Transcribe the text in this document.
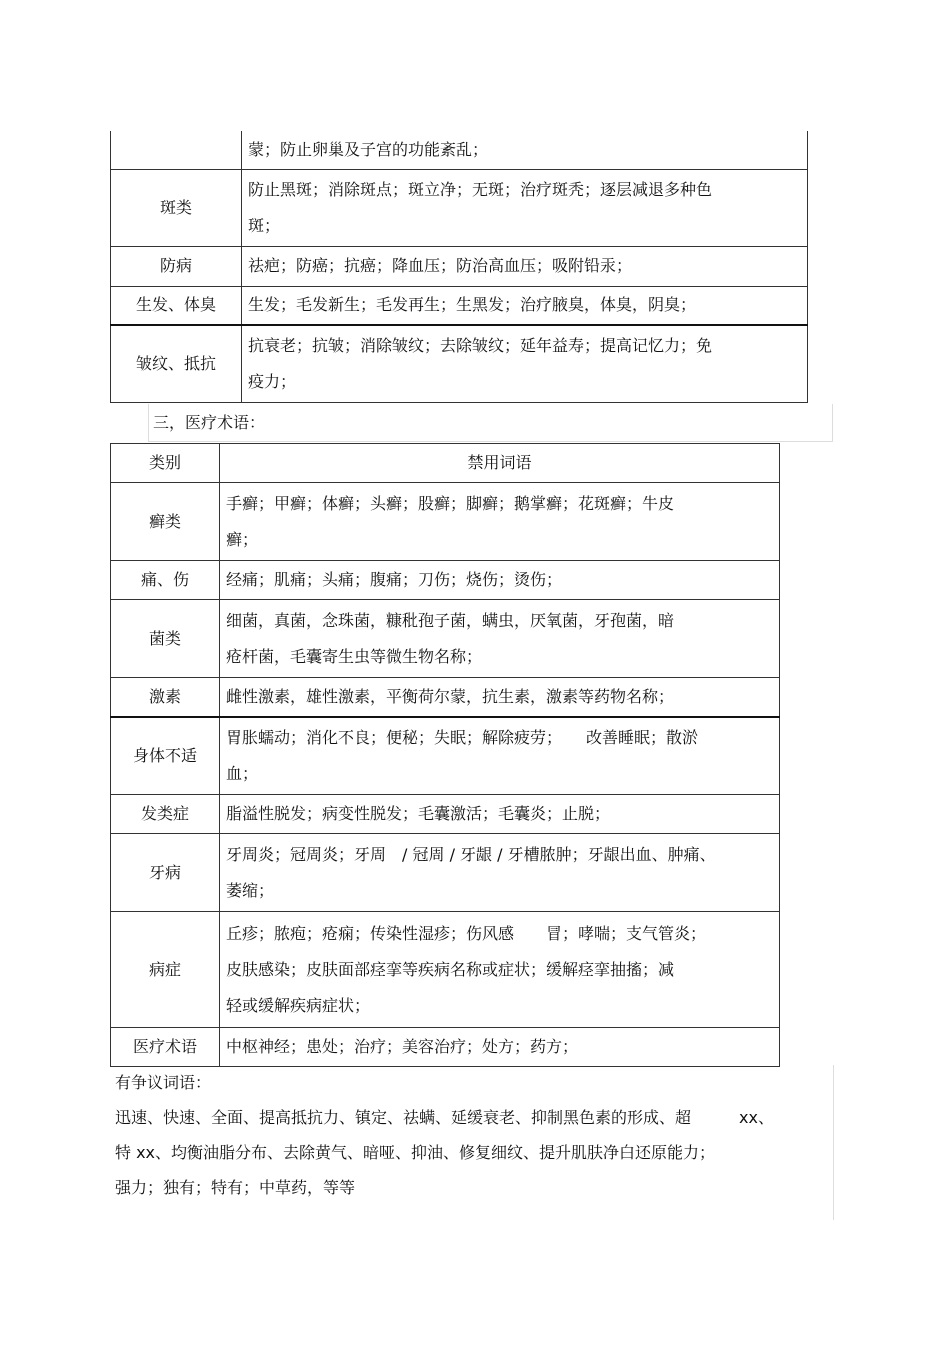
	蒙；防止卵巢及子宫的功能紊乱；

斑类	防止黑斑；消除斑点；斑立净；无斑；治疗斑秃；逐层减退多种色
斑；

防病	祛疤；防癌；抗癌；降血压；防治高血压；吸附铅汞；

生发、体臭	生发；毛发新生；毛发再生；生黑发；治疗腋臭，体臭，阴臭；

皱纹、抵抗	抗衰老；抗皱；消除皱纹；去除皱纹；延年益寿；提高记忆力；免
疫力；
三，医疗术语：
类别	禁用词语
癣类	手癣；甲癣；体癣；头癣；股癣；脚癣；鹅掌癣；花斑癣；牛皮
癣；

痛、伤	经痛；肌痛；头痛；腹痛；刀伤；烧伤；烫伤；

菌类	细菌，真菌，念珠菌，糠秕孢子菌，螨虫，厌氧菌，牙孢菌，暗
疮杆菌，毛囊寄生虫等微生物名称；

激素	雌性激素，雄性激素，平衡荷尔蒙，抗生素，激素等药物名称；

身体不适	胃胀蠕动；消化不良；便秘；失眠；解除疲劳；　　改善睡眠；散淤
血；

发类症	脂溢性脱发；病变性脱发；毛囊激活；毛囊炎；止脱；

牙病	牙周炎；冠周炎；牙周　/ 冠周 / 牙龈 / 牙槽脓肿；牙龈出血、肿痛、
萎缩；

病症	丘疹；脓疱；疮痫；传染性湿疹；伤风感　　冒；哮喘；支气管炎；
皮肤感染；皮肤面部痉挛等疾病名称或症状；缓解痉挛抽搐；减
轻或缓解疾病症状；

医疗术语	中枢神经；患处；治疗；美容治疗；处方；药方；
有争议词语：
迅速、快速、全面、提高抵抗力、镇定、祛螨、延缓衰老、抑制黑色素的形成、超　　　xx、
特 xx、均衡油脂分布、去除黄气、暗哑、抑油、修复细纹、提升肌肤净白还原能力；
强力；独有；特有；中草药，等等
